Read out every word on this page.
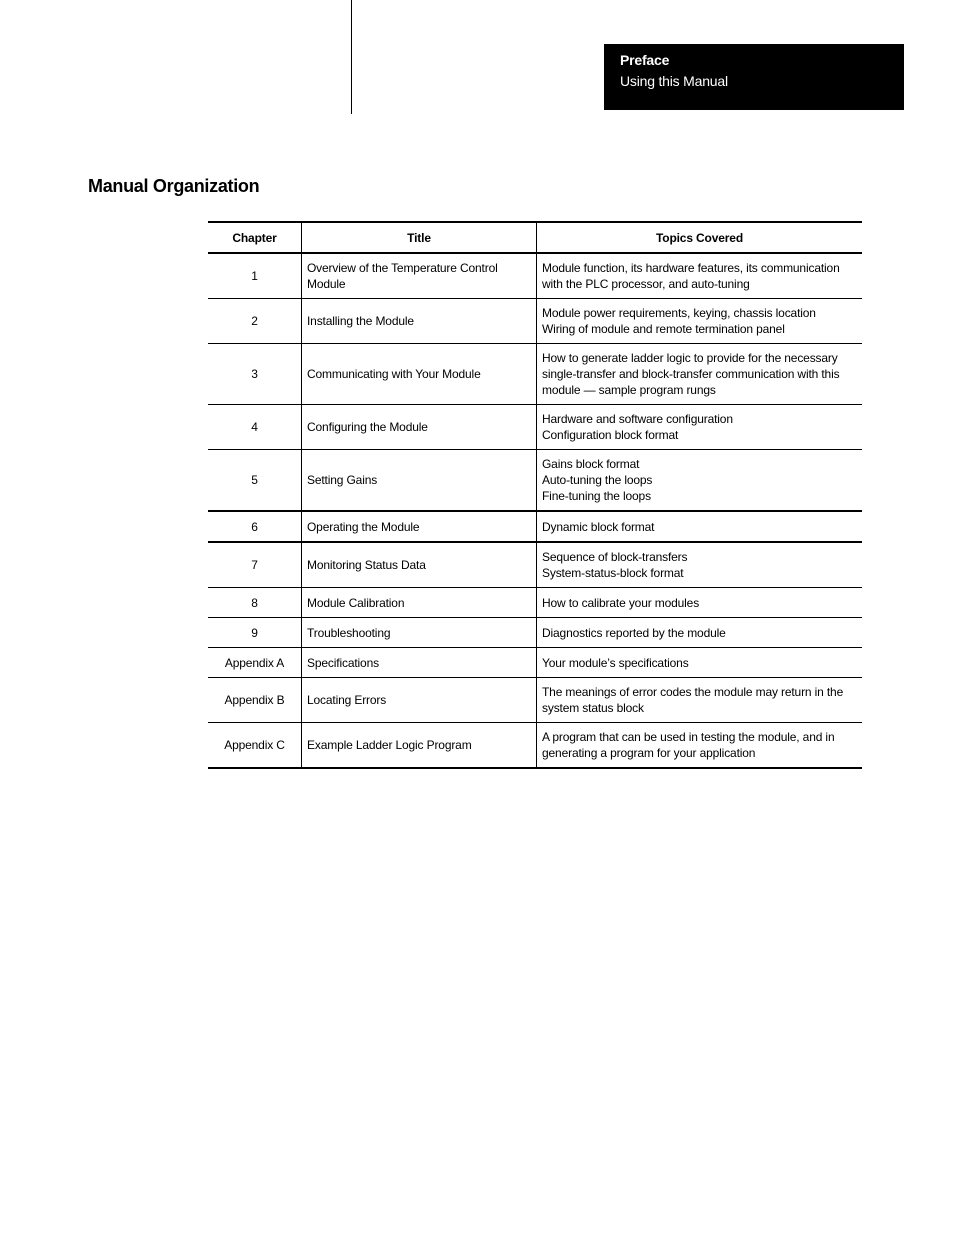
Preface
Using this Manual
Manual Organization
Chapter	Title	Topics Covered
1	Overview of the Temperature Control Module	Module function, its hardware features, its communication with the PLC processor, and auto-tuning

2	Installing the Module	Module power requirements, keying, chassis location
Wiring of module and remote termination panel

3	Communicating with Your Module	How to generate ladder logic to provide for the necessary single-transfer and block-transfer communication with this module — sample program rungs

4	Configuring the Module	Hardware and software configuration
Configuration block format

5	Setting Gains	Gains block format
Auto-tuning the loops
Fine-tuning the loops

6	Operating the Module	Dynamic block format

7	Monitoring Status Data	Sequence of block-transfers
System-status-block format

8	Module Calibration	How to calibrate your modules

9	Troubleshooting	Diagnostics reported by the module

Appendix A	Specifications	Your module’s specifications

Appendix B	Locating Errors	The meanings of error codes the module may return in the system status block

Appendix C	Example Ladder Logic Program	A program that can be used in testing the module, and in generating a program for your application
